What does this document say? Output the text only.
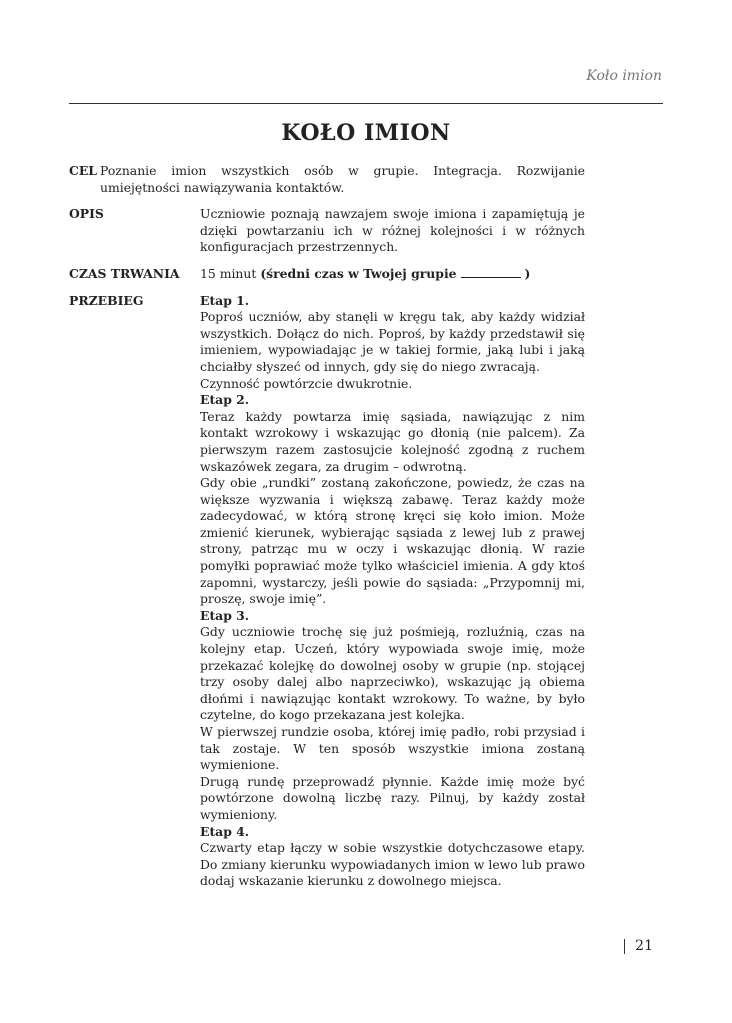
Koło imion
KOŁO IMION
CEL Poznanie imion wszystkich osób w grupie. Integracja. Rozwijanie umiejętności nawiązywania kontaktów.
OPIS	Uczniowie poznają nawzajem swoje imiona i zapamiętują je dzięki powtarzaniu ich w różnej kolejności i w różnych konfiguracjach przestrzennych.
CZAS TRWANIA	15 minut (średni czas w Twojej grupie	)
PRZEBIEG	Etap 1.

Poproś uczniów, aby stanęli w kręgu tak, aby każdy widział wszystkich. Dołącz do nich. Poproś, by każdy przedstawił się imieniem, wypowiadając je w takiej formie, jaką lubi i jaką chciałby słyszeć od innych, gdy się do niego zwracają.

Czynność powtórzcie dwukrotnie.

Etap 2.

Teraz każdy powtarza imię sąsiada, nawiązując z nim kontakt wzrokowy i wskazując go dłonią (nie palcem). Za pierwszym razem zastosujcie kolejność zgodną z ruchem wskazówek zegara, za drugim – odwrotną.

Gdy obie „rundki” zostaną zakończone, powiedz, że czas na większe wyzwania i większą zabawę. Teraz każdy może zadecydować, w którą stronę kręci się koło imion. Może zmienić kierunek, wybierając sąsiada z lewej lub z prawej strony, patrząc mu w oczy i wskazując dłonią. W razie pomyłki poprawiać może tylko właściciel imienia. A gdy ktoś zapomni, wystarczy, jeśli powie do sąsiada: „Przypomnij mi, proszę, swoje imię”.

Etap 3.

Gdy uczniowie trochę się już pośmieją, rozluźnią, czas na kolejny etap. Uczeń, który wypowiada swoje imię, może przekazać kolejkę do dowolnej osoby w grupie (np. stojącej trzy osoby dalej albo naprzeciwko), wskazując ją obiema dłońmi i nawiązując kontakt wzrokowy. To ważne, by było czytelne, do kogo przekazana jest kolejka.

W pierwszej rundzie osoba, której imię padło, robi przysiad i tak zostaje. W ten sposób wszystkie imiona zostaną wymienione.

Drugą rundę przeprowadź płynnie. Każde imię może być powtórzone dowolną liczbę razy. Pilnuj, by każdy został wymieniony.

Etap 4.

Czwarty etap łączy w sobie wszystkie dotychczasowe etapy. Do zmiany kierunku wypowiadanych imion w lewo lub prawo dodaj wskazanie kierunku z dowolnego miejsca.

21
